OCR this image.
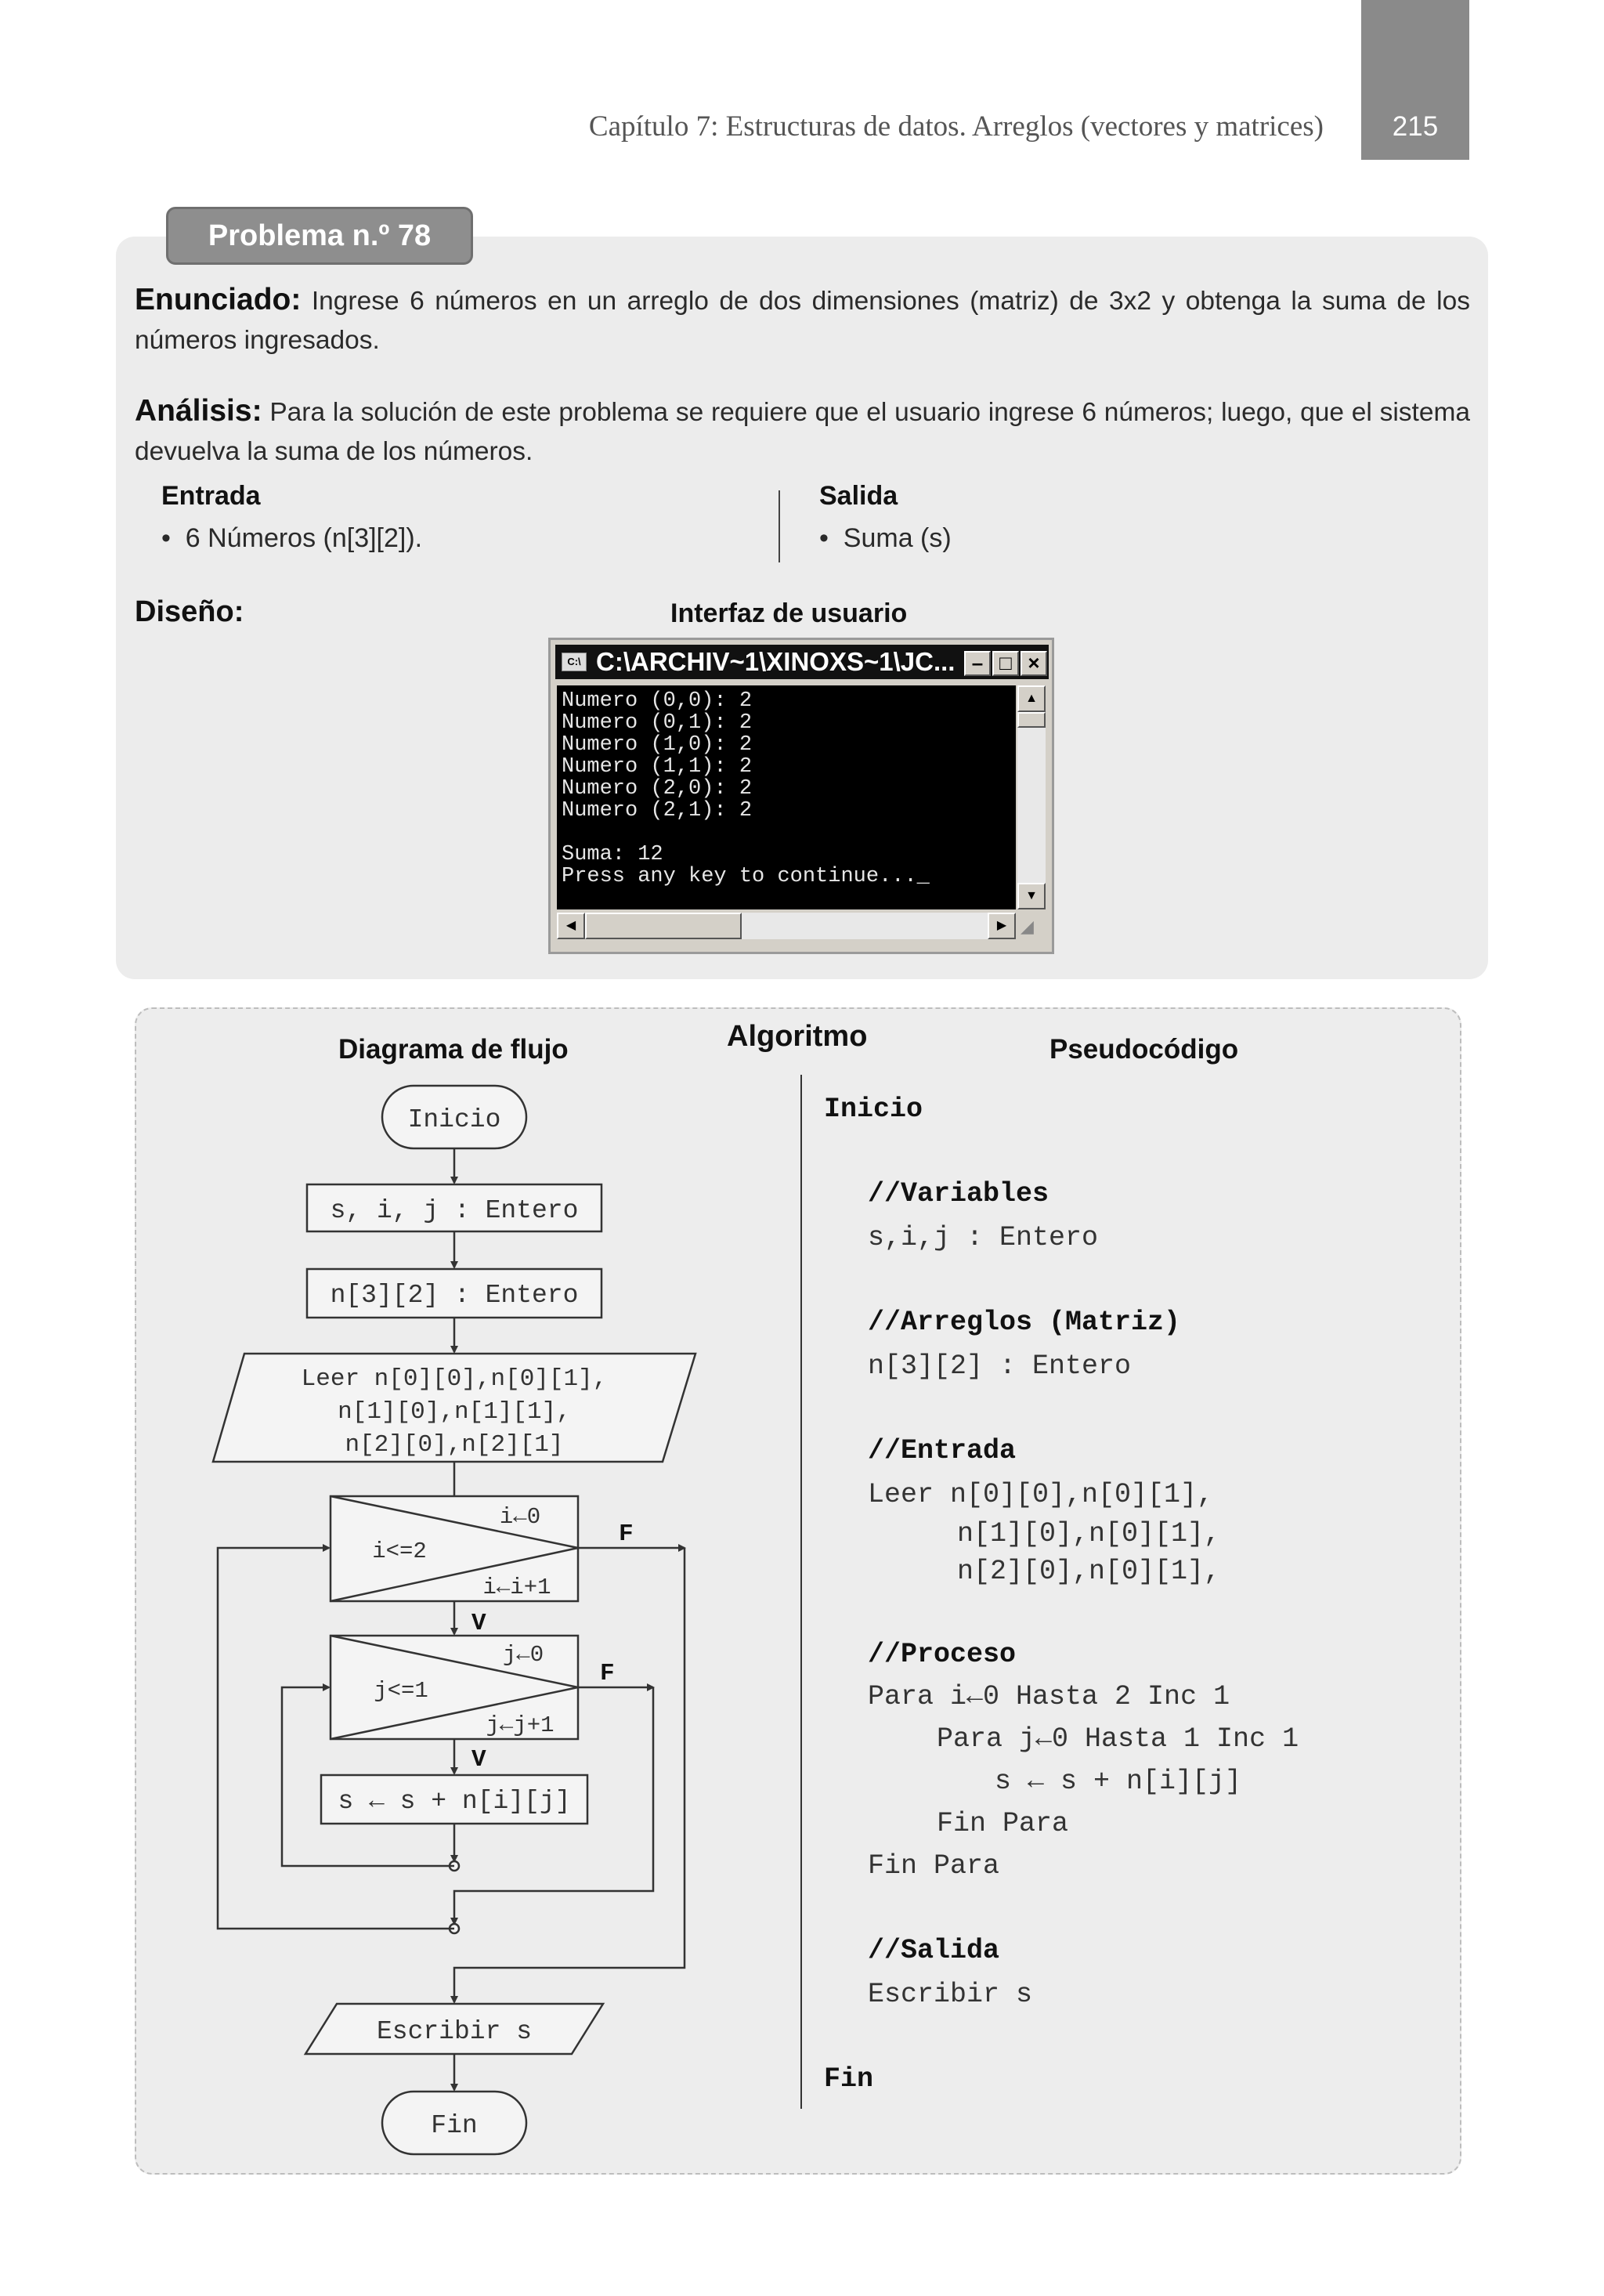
Capítulo 7: Estructuras de datos. Arreglos (vectores y matrices)	215
Problema n.º 78
Enunciado: Ingrese 6 números en un arreglo de dos dimensiones (matriz) de 3x2 y obtenga la suma de los números ingresados.
Análisis: Para la solución de este problema se requiere que el usuario ingrese 6 números; luego, que el sistema devuelva la suma de los números.
Entrada
•  6 Números (n[3][2]).
Salida
•  Suma (s)
Diseño:	Interfaz de usuario
C:\ C:\ARCHIV~1\XINOXS~1\JC... – □ ×
Numero (0,0): 2
Numero (0,1): 2
Numero (1,0): 2
Numero (1,1): 2
Numero (2,0): 2
Numero (2,1): 2

Suma: 12
Press any key to continue..._
▲
▼
◀	▶ ◢
Algoritmo
Diagrama de flujo	Pseudocódigo
Inicio
s, i, j : Entero
n[3][2] : Entero
Leer n[0][0],n[0][1],
n[1][0],n[1][1],
n[2][0],n[2][1]
i←0
i<=2
i←i+1
j←0
j<=1
j←j+1
s ← s + n[i][j]
Escribir s
Fin
V
V
F
F
Inicio
//Variables
s,i,j : Entero
//Arreglos (Matriz)
n[3][2] : Entero
//Entrada
Leer n[0][0],n[0][1],
n[1][0],n[0][1],
n[2][0],n[0][1],
//Proceso
Para i←0 Hasta 2 Inc 1
Para j←0 Hasta 1 Inc 1
s ← s + n[i][j]
Fin Para
Fin Para
//Salida
Escribir s
Fin
